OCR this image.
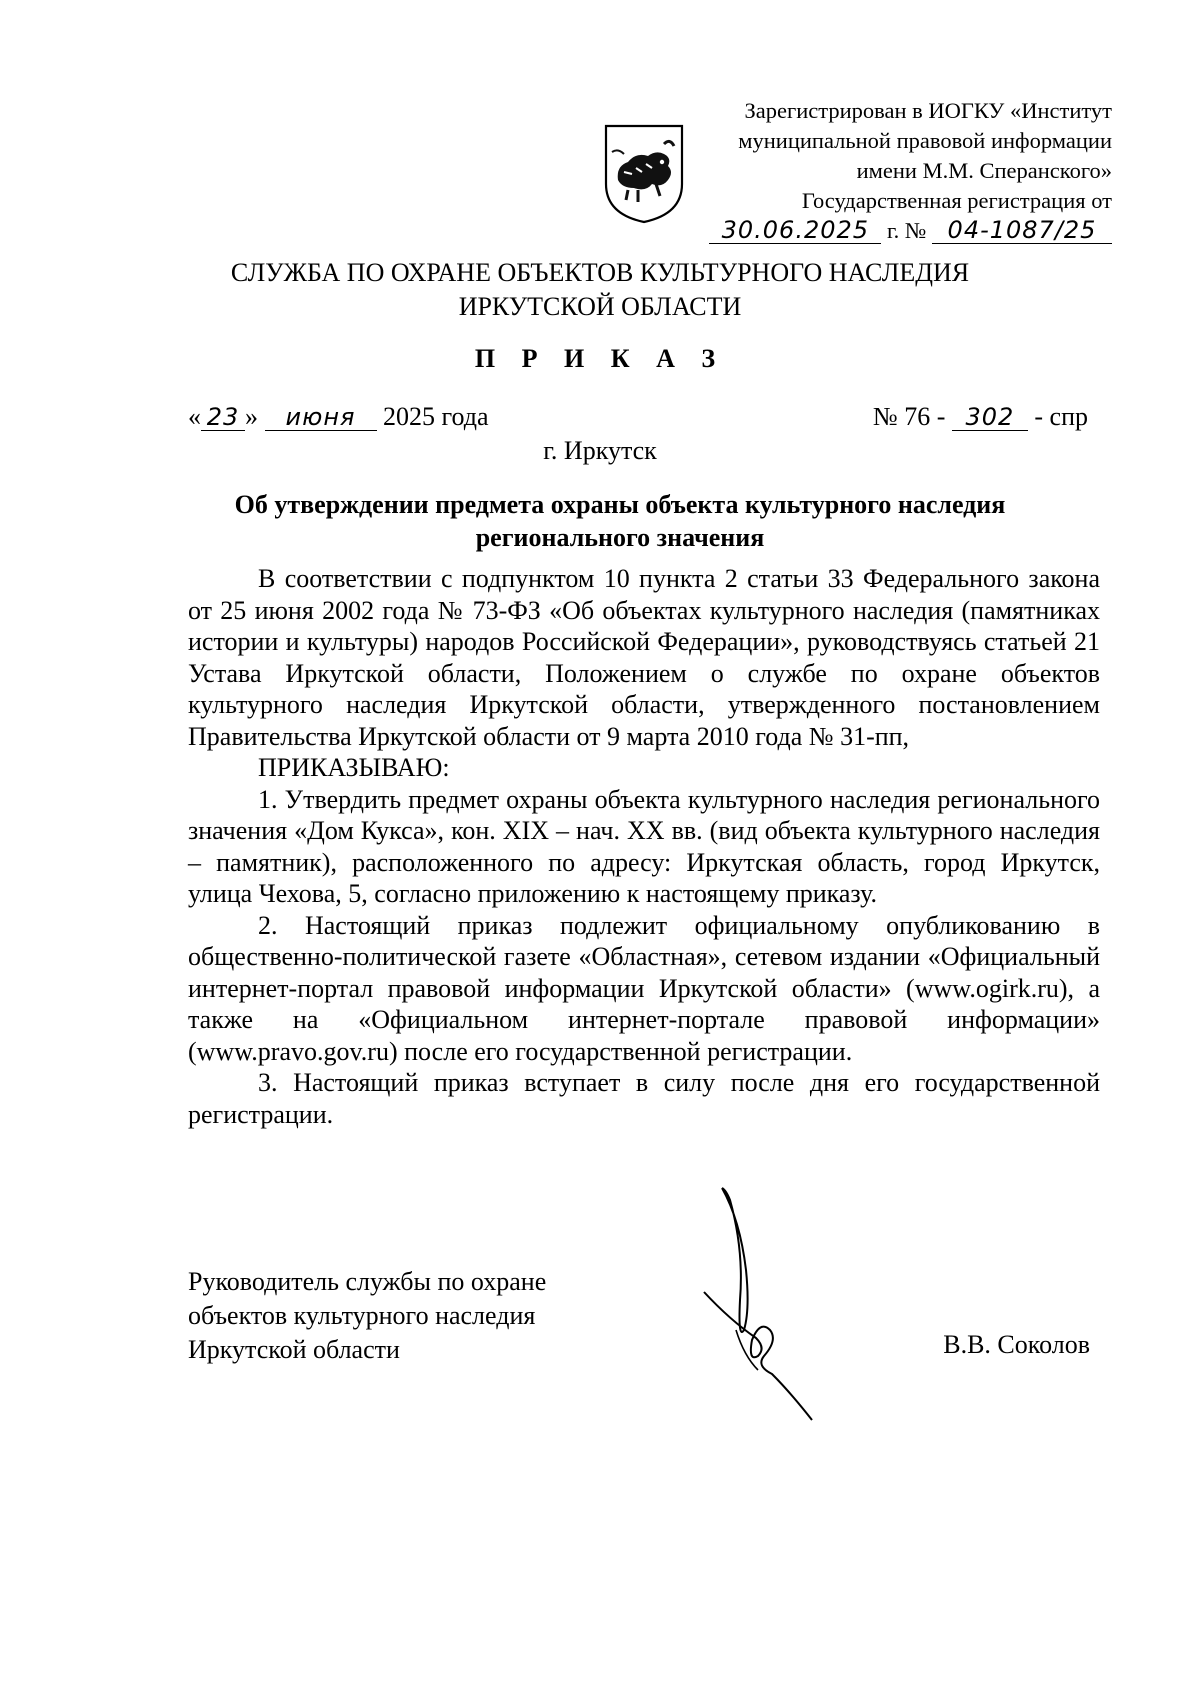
Зарегистрирован в ИОГКУ «Институт
муниципальной правовой информации
имени М.М. Сперанского»
Государственная регистрация от
30.06.2025 г. № 04-1087/25
СЛУЖБА ПО ОХРАНЕ ОБЪЕКТОВ КУЛЬТУРНОГО НАСЛЕДИЯ
ИРКУТСКОЙ ОБЛАСТИ
П Р И К А З
« 23 » июня 2025 года	№ 76 - 302 - спр
г. Иркутск
Об утверждении предмета охраны объекта культурного наследия
регионального значения

В соответствии с подпунктом 10 пункта 2 статьи 33 Федерального закона от 25 июня 2002 года № 73-ФЗ «Об объектах культурного наследия (памятниках истории и культуры) народов Российской Федерации», руководствуясь статьей 21 Устава Иркутской области, Положением о службе по охране объектов культурного наследия Иркутской области, утвержденного постановлением Правительства Иркутской области от 9 марта 2010 года № 31-пп,

ПРИКАЗЫВАЮ:

1. Утвердить предмет охраны объекта культурного наследия регионального значения «Дом Кукса», кон. XIX – нач. XX вв. (вид объекта культурного наследия – памятник), расположенного по адресу: Иркутская область, город Иркутск, улица Чехова, 5, согласно приложению к настоящему приказу.

2. Настоящий приказ подлежит официальному опубликованию в общественно-политической газете «Областная», сетевом издании «Официальный интернет-портал правовой информации Иркутской области» (www.ogirk.ru), а также на «Официальном интернет-портале правовой информации» (www.pravo.gov.ru) после его государственной регистрации.

3. Настоящий приказ вступает в силу после дня его государственной регистрации.

Руководитель службы по охране
объектов культурного наследия
Иркутской области	В.В. Соколов
